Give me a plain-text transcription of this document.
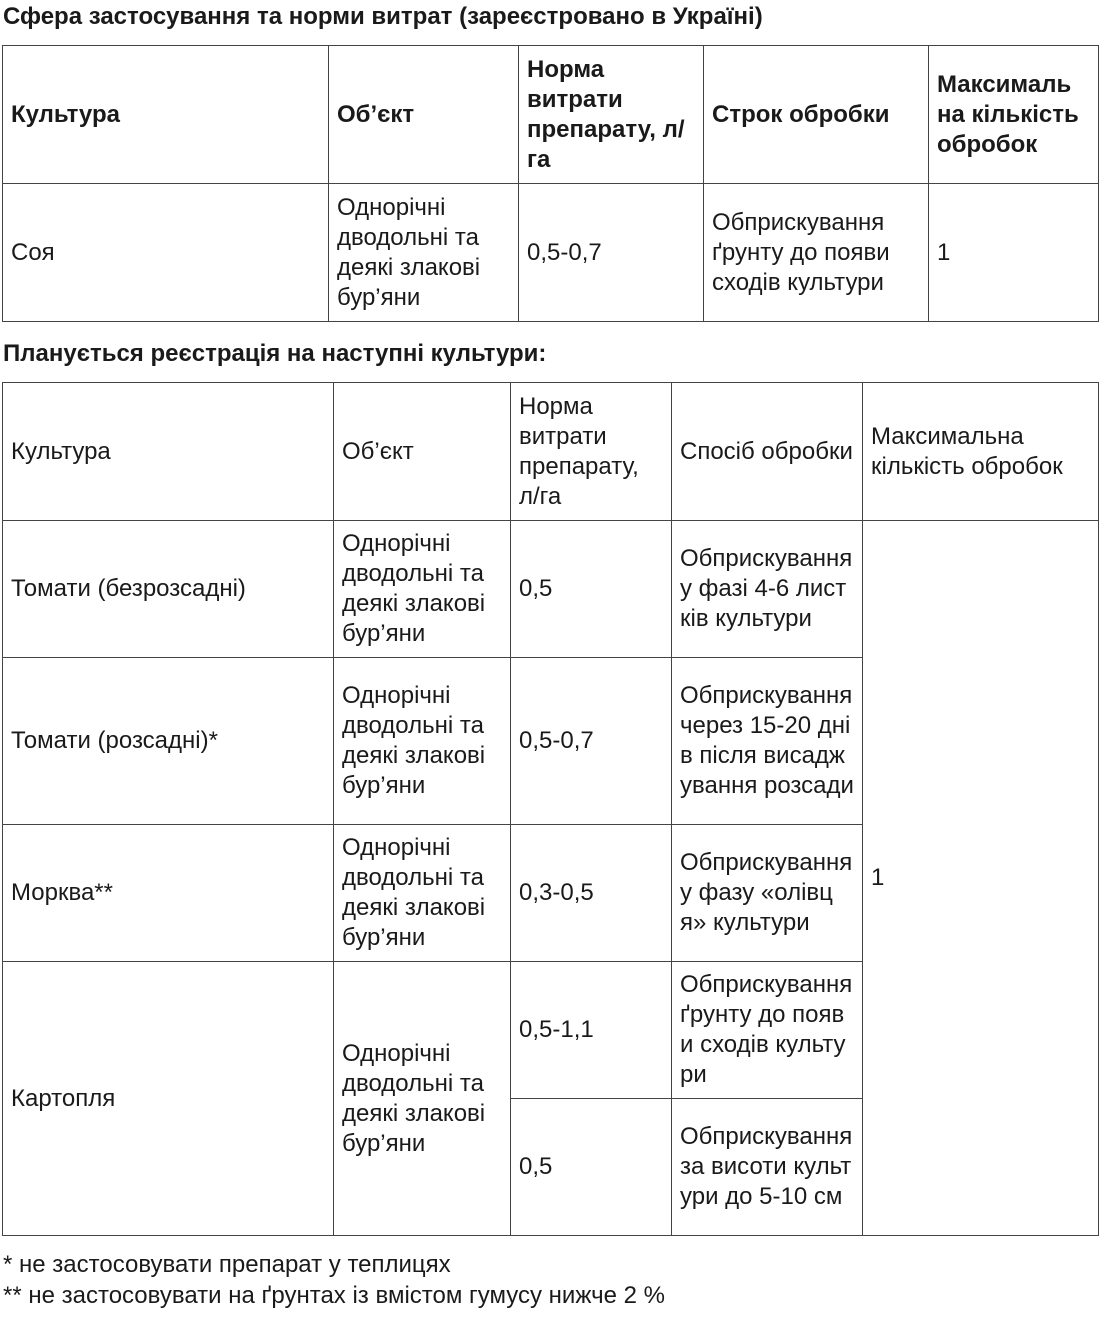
Сфера застосування та норми витрат (зареєстровано в Україні)
Культура	Об’єкт	Норма витрати препарату, л/га	Строк обробки	Максималь на кількість обробок
Соя	Однорічні дводольні та деякі злакові бур’яни	0,5-0,7	Обприскування ґрунту до появи сходів культури	1
Планується реєстрація на наступні культури:
Культура	Об’єкт	Норма витрати препарату, л/га	Спосіб обробки	Максимальна кількість обробок
Томати (безрозсадні)	Однорічні дводольні та деякі злакові бур’яни	0,5	Обприскування у фазі 4-6 листків культури	1
Томати (розсадні)*	Однорічні дводольні та деякі злакові бур’яни	0,5-0,7	Обприскування через 15-20 днів після висаджування розсади	
Морква**	Однорічні дводольні та деякі злакові бур’яни	0,3-0,5	Обприскування у фазу «олівця» культури	
Картопля	Однорічні дводольні та деякі злакові бур’яни	0,5-1,1	Обприскування ґрунту до появи сходів культури	
		0,5	Обприскування за висоти культури до 5-10 см	

* не застосовувати препарат у теплицях

** не застосовувати на ґрунтах із вмістом гумусу нижче 2 %
